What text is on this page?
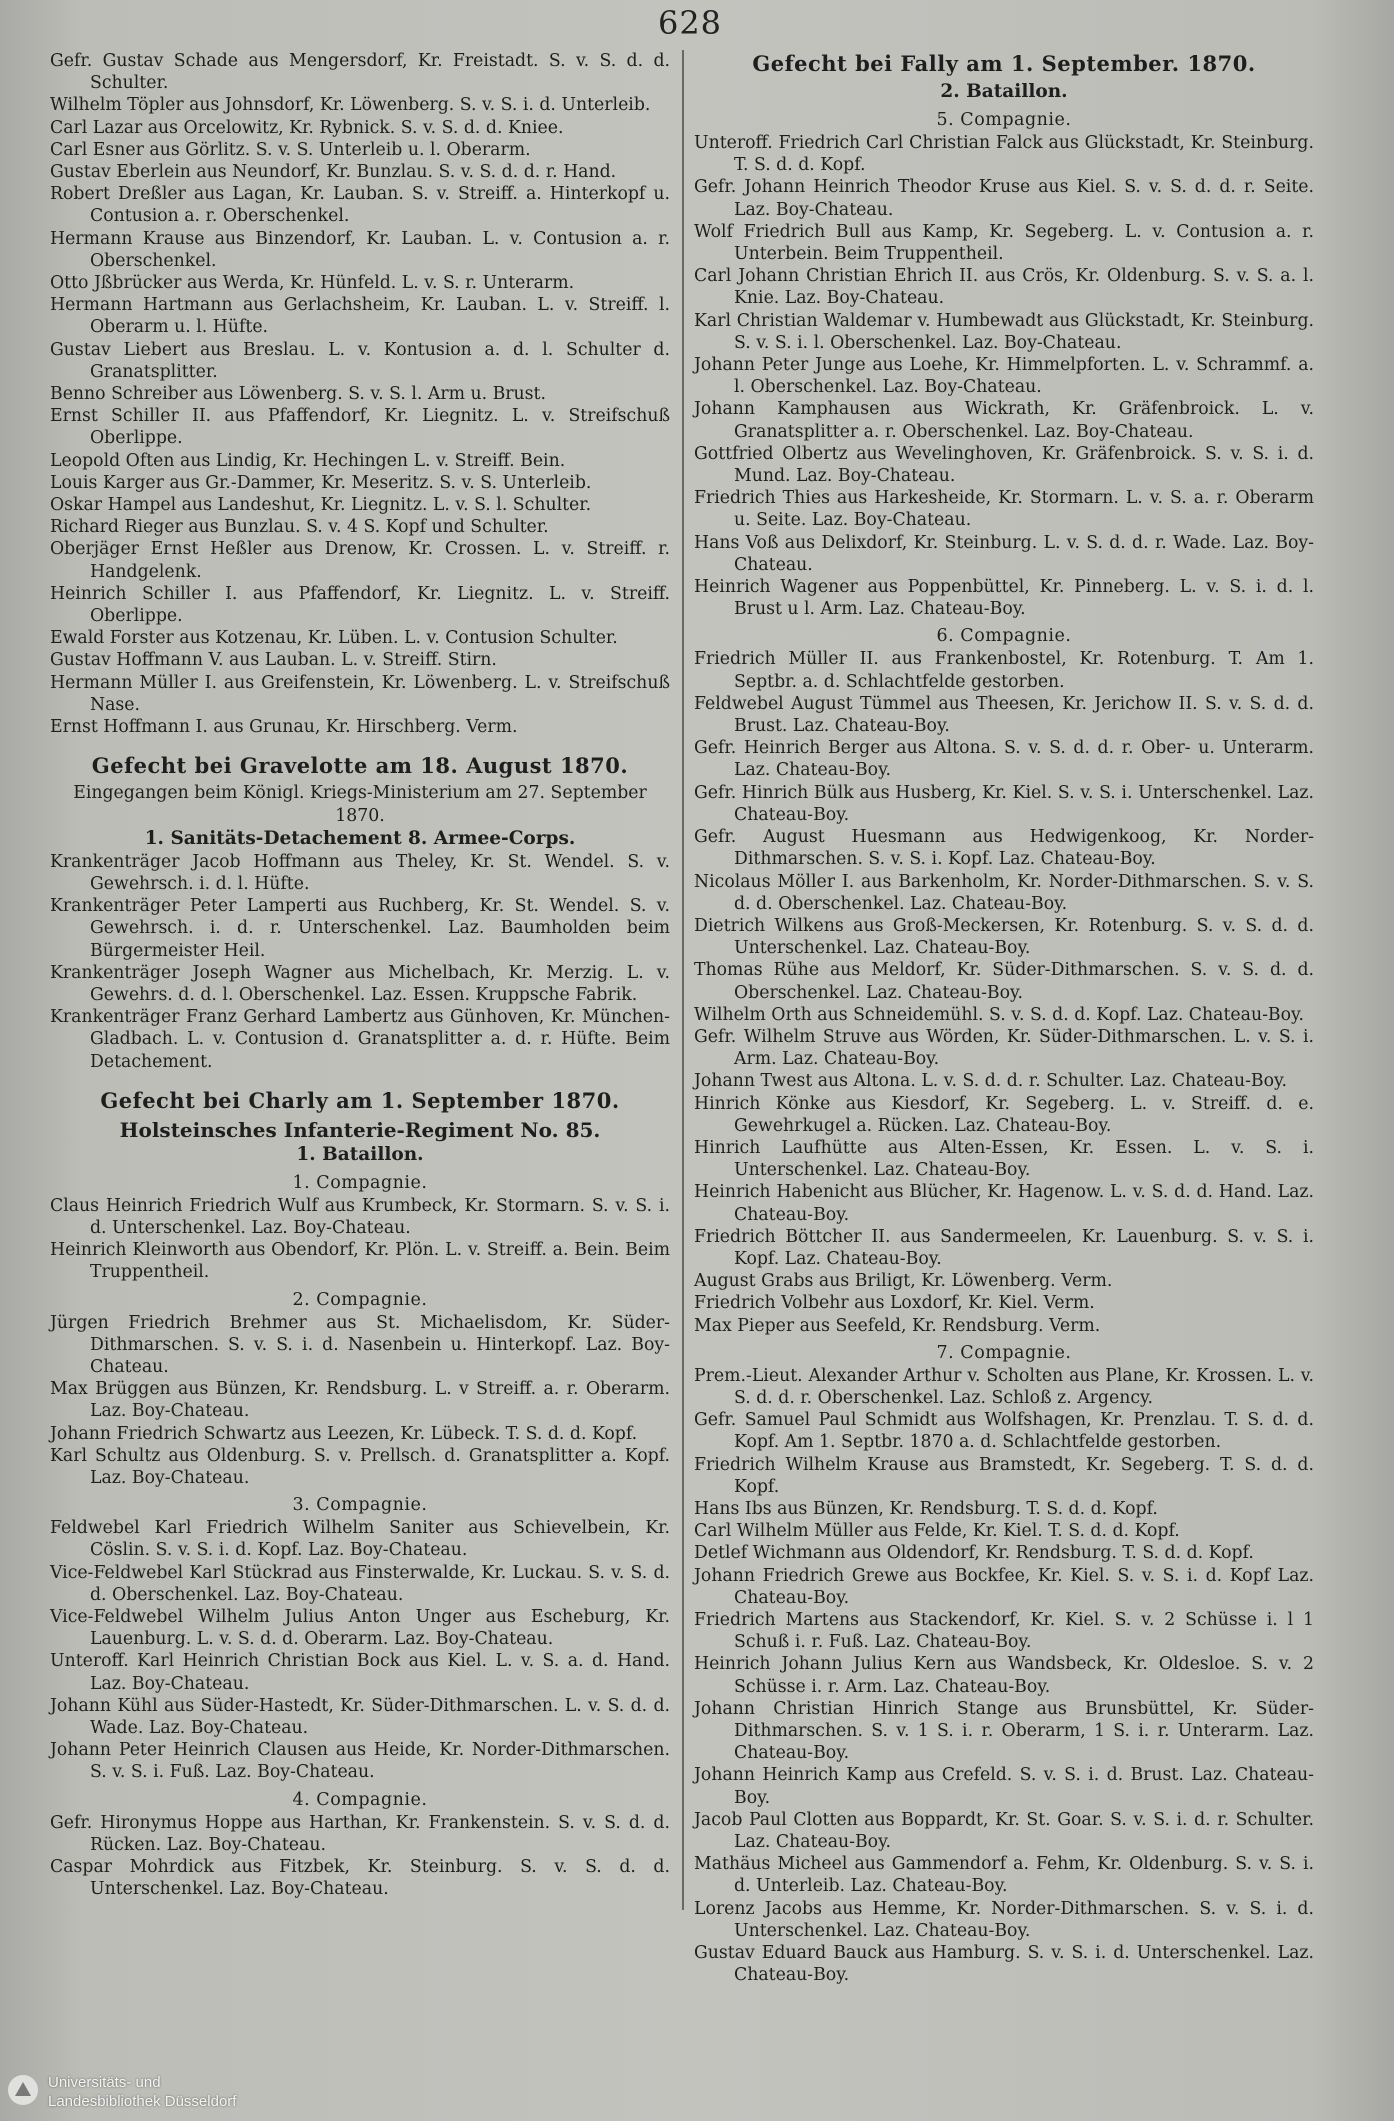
628

Gefr. Gustav Schade aus Mengersdorf, Kr. Freistadt. S. v. S. d. d. Schulter.

Wilhelm Töpler aus Johnsdorf, Kr. Löwenberg. S. v. S. i. d. Unterleib.

Carl Lazar aus Orcelowitz, Kr. Rybnick. S. v. S. d. d. Kniee.

Carl Esner aus Görlitz. S. v. S. Unterleib u. l. Oberarm.

Gustav Eberlein aus Neundorf, Kr. Bunzlau. S. v. S. d. d. r. Hand.

Robert Dreßler aus Lagan, Kr. Lauban. S. v. Streiff. a. Hinterkopf u. Contusion a. r. Oberschenkel.

Hermann Krause aus Binzendorf, Kr. Lauban. L. v. Contusion a. r. Oberschenkel.

Otto Jßbrücker aus Werda, Kr. Hünfeld. L. v. S. r. Unterarm.

Hermann Hartmann aus Gerlachsheim, Kr. Lauban. L. v. Streiff. l. Oberarm u. l. Hüfte.

Gustav Liebert aus Breslau. L. v. Kontusion a. d. l. Schulter d. Granatsplitter.

Benno Schreiber aus Löwenberg. S. v. S. l. Arm u. Brust.

Ernst Schiller II. aus Pfaffendorf, Kr. Liegnitz. L. v. Streifschuß Oberlippe.

Leopold Often aus Lindig, Kr. Hechingen L. v. Streiff. Bein.

Louis Karger aus Gr.-Dammer, Kr. Meseritz. S. v. S. Unterleib.

Oskar Hampel aus Landeshut, Kr. Liegnitz. L. v. S. l. Schulter.

Richard Rieger aus Bunzlau. S. v. 4 S. Kopf und Schulter.

Oberjäger Ernst Heßler aus Drenow, Kr. Crossen. L. v. Streiff. r. Handgelenk.

Heinrich Schiller I. aus Pfaffendorf, Kr. Liegnitz. L. v. Streiff. Oberlippe.

Ewald Forster aus Kotzenau, Kr. Lüben. L. v. Contusion Schulter.

Gustav Hoffmann V. aus Lauban. L. v. Streiff. Stirn.

Hermann Müller I. aus Greifenstein, Kr. Löwenberg. L. v. Streifschuß Nase.

Ernst Hoffmann I. aus Grunau, Kr. Hirschberg. Verm.

Gefecht bei Gravelotte am 18. August 1870.

Eingegangen beim Königl. Kriegs-Ministerium am 27. September 1870.

1. Sanitäts-Detachement 8. Armee-Corps.

Krankenträger Jacob Hoffmann aus Theley, Kr. St. Wendel. S. v. Gewehrsch. i. d. l. Hüfte.

Krankenträger Peter Lamperti aus Ruchberg, Kr. St. Wendel. S. v. Gewehrsch. i. d. r. Unterschenkel. Laz. Baumholden beim Bürgermeister Heil.

Krankenträger Joseph Wagner aus Michelbach, Kr. Merzig. L. v. Gewehrs. d. d. l. Oberschenkel. Laz. Essen. Kruppsche Fabrik.

Krankenträger Franz Gerhard Lambertz aus Günhoven, Kr. München-Gladbach. L. v. Contusion d. Granatsplitter a. d. r. Hüfte. Beim Detachement.

Gefecht bei Charly am 1. September 1870.

Holsteinsches Infanterie-Regiment No. 85.

1. Bataillon.

1. Compagnie.

Claus Heinrich Friedrich Wulf aus Krumbeck, Kr. Stormarn. S. v. S. i. d. Unterschenkel. Laz. Boy-Chateau.

Heinrich Kleinworth aus Obendorf, Kr. Plön. L. v. Streiff. a. Bein. Beim Truppentheil.

2. Compagnie.

Jürgen Friedrich Brehmer aus St. Michaelisdom, Kr. Süder-Dithmarschen. S. v. S. i. d. Nasenbein u. Hinterkopf. Laz. Boy-Chateau.

Max Brüggen aus Bünzen, Kr. Rendsburg. L. v Streiff. a. r. Oberarm. Laz. Boy-Chateau.

Johann Friedrich Schwartz aus Leezen, Kr. Lübeck. T. S. d. d. Kopf.

Karl Schultz aus Oldenburg. S. v. Prellsch. d. Granatsplitter a. Kopf. Laz. Boy-Chateau.

3. Compagnie.

Feldwebel Karl Friedrich Wilhelm Saniter aus Schievelbein, Kr. Cöslin. S. v. S. i. d. Kopf. Laz. Boy-Chateau.

Vice-Feldwebel Karl Stückrad aus Finsterwalde, Kr. Luckau. S. v. S. d. d. Oberschenkel. Laz. Boy-Chateau.

Vice-Feldwebel Wilhelm Julius Anton Unger aus Escheburg, Kr. Lauenburg. L. v. S. d. d. Oberarm. Laz. Boy-Chateau.

Unteroff. Karl Heinrich Christian Bock aus Kiel. L. v. S. a. d. Hand. Laz. Boy-Chateau.

Johann Kühl aus Süder-Hastedt, Kr. Süder-Dithmarschen. L. v. S. d. d. Wade. Laz. Boy-Chateau.

Johann Peter Heinrich Clausen aus Heide, Kr. Norder-Dithmarschen. S. v. S. i. Fuß. Laz. Boy-Chateau.

4. Compagnie.

Gefr. Hironymus Hoppe aus Harthan, Kr. Frankenstein. S. v. S. d. d. Rücken. Laz. Boy-Chateau.

Caspar Mohrdick aus Fitzbek, Kr. Steinburg. S. v. S. d. d. Unterschenkel. Laz. Boy-Chateau.

Gefecht bei Fally am 1. September. 1870.

2. Bataillon.

5. Compagnie.

Unteroff. Friedrich Carl Christian Falck aus Glückstadt, Kr. Steinburg. T. S. d. d. Kopf.

Gefr. Johann Heinrich Theodor Kruse aus Kiel. S. v. S. d. d. r. Seite. Laz. Boy-Chateau.

Wolf Friedrich Bull aus Kamp, Kr. Segeberg. L. v. Contusion a. r. Unterbein. Beim Truppentheil.

Carl Johann Christian Ehrich II. aus Crös, Kr. Oldenburg. S. v. S. a. l. Knie. Laz. Boy-Chateau.

Karl Christian Waldemar v. Humbewadt aus Glückstadt, Kr. Steinburg. S. v. S. i. l. Oberschenkel. Laz. Boy-Chateau.

Johann Peter Junge aus Loehe, Kr. Himmelpforten. L. v. Schrammf. a. l. Oberschenkel. Laz. Boy-Chateau.

Johann Kamphausen aus Wickrath, Kr. Gräfenbroick. L. v. Granatsplitter a. r. Oberschenkel. Laz. Boy-Chateau.

Gottfried Olbertz aus Wevelinghoven, Kr. Gräfenbroick. S. v. S. i. d. Mund. Laz. Boy-Chateau.

Friedrich Thies aus Harkesheide, Kr. Stormarn. L. v. S. a. r. Oberarm u. Seite. Laz. Boy-Chateau.

Hans Voß aus Delixdorf, Kr. Steinburg. L. v. S. d. d. r. Wade. Laz. Boy-Chateau.

Heinrich Wagener aus Poppenbüttel, Kr. Pinneberg. L. v. S. i. d. l. Brust u l. Arm. Laz. Chateau-Boy.

6. Compagnie.

Friedrich Müller II. aus Frankenbostel, Kr. Rotenburg. T. Am 1. Septbr. a. d. Schlachtfelde gestorben.

Feldwebel August Tümmel aus Theesen, Kr. Jerichow II. S. v. S. d. d. Brust. Laz. Chateau-Boy.

Gefr. Heinrich Berger aus Altona. S. v. S. d. d. r. Ober- u. Unterarm. Laz. Chateau-Boy.

Gefr. Hinrich Bülk aus Husberg, Kr. Kiel. S. v. S. i. Unterschenkel. Laz. Chateau-Boy.

Gefr. August Huesmann aus Hedwigenkoog, Kr. Norder-Dithmarschen. S. v. S. i. Kopf. Laz. Chateau-Boy.

Nicolaus Möller I. aus Barkenholm, Kr. Norder-Dithmarschen. S. v. S. d. d. Oberschenkel. Laz. Chateau-Boy.

Dietrich Wilkens aus Groß-Meckersen, Kr. Rotenburg. S. v. S. d. d. Unterschenkel. Laz. Chateau-Boy.

Thomas Rühe aus Meldorf, Kr. Süder-Dithmarschen. S. v. S. d. d. Oberschenkel. Laz. Chateau-Boy.

Wilhelm Orth aus Schneidemühl. S. v. S. d. d. Kopf. Laz. Chateau-Boy.

Gefr. Wilhelm Struve aus Wörden, Kr. Süder-Dithmarschen. L. v. S. i. Arm. Laz. Chateau-Boy.

Johann Twest aus Altona. L. v. S. d. d. r. Schulter. Laz. Chateau-Boy.

Hinrich Könke aus Kiesdorf, Kr. Segeberg. L. v. Streiff. d. e. Gewehrkugel a. Rücken. Laz. Chateau-Boy.

Hinrich Laufhütte aus Alten-Essen, Kr. Essen. L. v. S. i. Unterschenkel. Laz. Chateau-Boy.

Heinrich Habenicht aus Blücher, Kr. Hagenow. L. v. S. d. d. Hand. Laz. Chateau-Boy.

Friedrich Böttcher II. aus Sandermeelen, Kr. Lauenburg. S. v. S. i. Kopf. Laz. Chateau-Boy.

August Grabs aus Briligt, Kr. Löwenberg. Verm.

Friedrich Volbehr aus Loxdorf, Kr. Kiel. Verm.

Max Pieper aus Seefeld, Kr. Rendsburg. Verm.

7. Compagnie.

Prem.-Lieut. Alexander Arthur v. Scholten aus Plane, Kr. Krossen. L. v. S. d. d. r. Oberschenkel. Laz. Schloß z. Argency.

Gefr. Samuel Paul Schmidt aus Wolfshagen, Kr. Prenzlau. T. S. d. d. Kopf. Am 1. Septbr. 1870 a. d. Schlachtfelde gestorben.

Friedrich Wilhelm Krause aus Bramstedt, Kr. Segeberg. T. S. d. d. Kopf.

Hans Ibs aus Bünzen, Kr. Rendsburg. T. S. d. d. Kopf.

Carl Wilhelm Müller aus Felde, Kr. Kiel. T. S. d. d. Kopf.

Detlef Wichmann aus Oldendorf, Kr. Rendsburg. T. S. d. d. Kopf.

Johann Friedrich Grewe aus Bockfee, Kr. Kiel. S. v. S. i. d. Kopf Laz. Chateau-Boy.

Friedrich Martens aus Stackendorf, Kr. Kiel. S. v. 2 Schüsse i. l 1 Schuß i. r. Fuß. Laz. Chateau-Boy.

Heinrich Johann Julius Kern aus Wandsbeck, Kr. Oldesloe. S. v. 2 Schüsse i. r. Arm. Laz. Chateau-Boy.

Johann Christian Hinrich Stange aus Brunsbüttel, Kr. Süder-Dithmarschen. S. v. 1 S. i. r. Oberarm, 1 S. i. r. Unterarm. Laz. Chateau-Boy.

Johann Heinrich Kamp aus Crefeld. S. v. S. i. d. Brust. Laz. Chateau-Boy.

Jacob Paul Clotten aus Boppardt, Kr. St. Goar. S. v. S. i. d. r. Schulter. Laz. Chateau-Boy.

Mathäus Micheel aus Gammendorf a. Fehm, Kr. Oldenburg. S. v. S. i. d. Unterleib. Laz. Chateau-Boy.

Lorenz Jacobs aus Hemme, Kr. Norder-Dithmarschen. S. v. S. i. d. Unterschenkel. Laz. Chateau-Boy.

Gustav Eduard Bauck aus Hamburg. S. v. S. i. d. Unterschenkel. Laz. Chateau-Boy.

Universitäts- und
Landesbibliothek Düsseldorf
